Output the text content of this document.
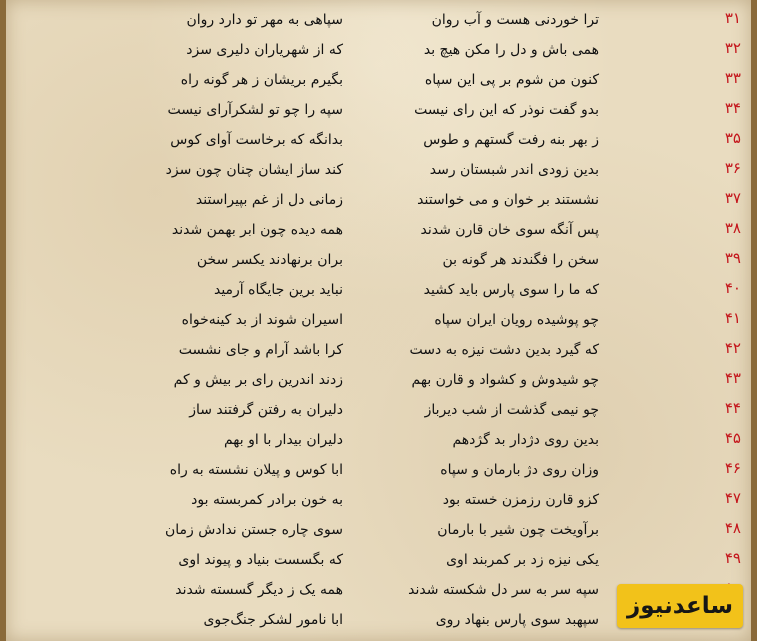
۳۱
ترا خوردنی هست و آب روان
سپاهی به مهر تو دارد روان
۳۲
همی باش و دل را مکن هیچ بد
که از شهریاران دلیری سزد
۳۳
کنون من شوم بر پی این سپاه
بگیرم بریشان ز هر گونه راه
۳۴
بدو گفت نوذر که این رای نیست
سپه را چو تو لشکرآرای نیست
۳۵
ز بهر بنه رفت گستهم و طوس
بدانگه که برخاست آوای کوس
۳۶
بدین زودی اندر شبستان رسد
کند ساز ایشان چنان چون سزد
۳۷
نشستند بر خوان و می خواستند
زمانی دل از غم بپیراستند
۳۸
پس آنگه سوی خان قارن شدند
همه دیده چون ابر بهمن شدند
۳۹
سخن را فگندند هر گونه بن
بران برنهادند یکسر سخن
۴۰
که ما را سوی پارس باید کشید
نباید برین جایگاه آرمید
۴۱
چو پوشیده رویان ایران سپاه
اسیران شوند از بد کینه‌خواه
۴۲
که گیرد بدین دشت نیزه به دست
کرا باشد آرام و جای نشست
۴۳
چو شیدوش و کشواد و قارن بهم
زدند اندرین رای بر بیش و کم
۴۴
چو نیمی گذشت از شب دیرباز
دلیران به رفتن گرفتند ساز
۴۵
بدین روی دژدار بد گژدهم
دلیران بیدار با او بهم
۴۶
وزان روی دژ بارمان و سپاه
ابا کوس و پیلان نشسته به راه
۴۷
کزو قارن رزمزن خسته بود
به خون برادر کمربسته بود
۴۸
برآویخت چون شیر با بارمان
سوی چاره جستن ندادش زمان
۴۹
یکی نیزه زد بر کمربند اوی
که بگسست بنیاد و پیوند اوی
سپه سر به سر دل شکسته شدند
همه یک ز دیگر گسسته شدند
سپهبد سوی پارس بنهاد روی
ابا نامور لشکر جنگ‌جوی
ساعدنیوز
